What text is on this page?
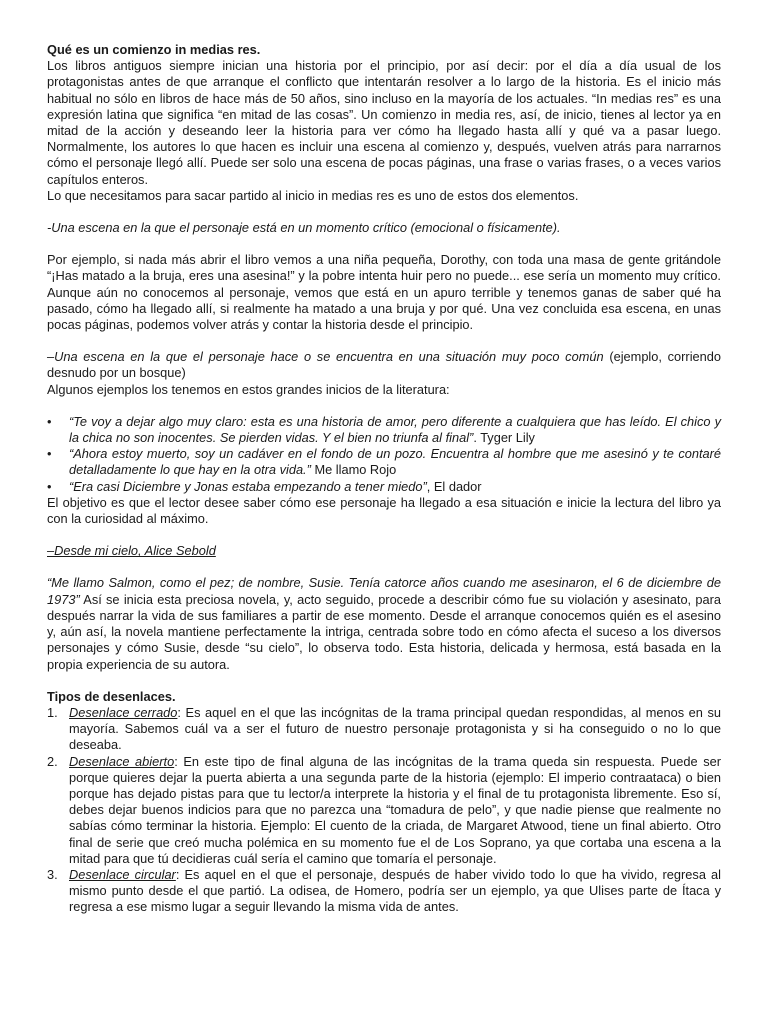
Qué es un comienzo in medias res.

Los libros antiguos siempre inician una historia por el principio, por así decir: por el día a día usual de los protagonistas antes de que arranque el conflicto que intentarán resolver a lo largo de la historia. Es el inicio más habitual no sólo en libros de hace más de 50 años, sino incluso en la mayoría de los actuales. “In medias res” es una expresión latina que significa “en mitad de las cosas”. Un comienzo in media res, así, de inicio, tienes al lector ya en mitad de la acción y deseando leer la historia para ver cómo ha llegado hasta allí y qué va a pasar luego. Normalmente, los autores lo que hacen es incluir una escena al comienzo y, después, vuelven atrás para narrarnos cómo el personaje llegó allí. Puede ser solo una escena de pocas páginas, una frase o varias frases, o a veces varios capítulos enteros.

Lo que necesitamos para sacar partido al inicio in medias res es uno de estos dos elementos.

-Una escena en la que el personaje está en un momento crítico (emocional o físicamente).

Por ejemplo, si nada más abrir el libro vemos a una niña pequeña, Dorothy, con toda una masa de gente gritándole “¡Has matado a la bruja, eres una asesina!” y la pobre intenta huir pero no puede... ese sería un momento muy crítico. Aunque aún no conocemos al personaje, vemos que está en un apuro terrible y tenemos ganas de saber qué ha pasado, cómo ha llegado allí, si realmente ha matado a una bruja y por qué. Una vez concluida esa escena, en unas pocas páginas, podemos volver atrás y contar la historia desde el principio.

–Una escena en la que el personaje hace o se encuentra en una situación muy poco común (ejemplo, corriendo desnudo por un bosque)

Algunos ejemplos los tenemos en estos grandes inicios de la literatura:

• “Te voy a dejar algo muy claro: esta es una historia de amor, pero diferente a cualquiera que has leído. El chico y la chica no son inocentes. Se pierden vidas. Y el bien no triunfa al final”. Tyger Lily
• “Ahora estoy muerto, soy un cadáver en el fondo de un pozo. Encuentra al hombre que me asesinó y te contaré detalladamente lo que hay en la otra vida.” Me llamo Rojo
• “Era casi Diciembre y Jonas estaba empezando a tener miedo”, El dador

El objetivo es que el lector desee saber cómo ese personaje ha llegado a esa situación e inicie la lectura del libro ya con la curiosidad al máximo.

–Desde mi cielo, Alice Sebold

“Me llamo Salmon, como el pez; de nombre, Susie. Tenía catorce años cuando me asesinaron, el 6 de diciembre de 1973” Así se inicia esta preciosa novela, y, acto seguido, procede a describir cómo fue su violación y asesinato, para después narrar la vida de sus familiares a partir de ese momento. Desde el arranque conocemos quién es el asesino y, aún así, la novela mantiene perfectamente la intriga, centrada sobre todo en cómo afecta el suceso a los diversos personajes y cómo Susie, desde “su cielo”, lo observa todo. Esta historia, delicada y hermosa, está basada en la propia experiencia de su autora.

Tipos de desenlaces.

1. Desenlace cerrado: Es aquel en el que las incógnitas de la trama principal quedan respondidas, al menos en su mayoría. Sabemos cuál va a ser el futuro de nuestro personaje protagonista y si ha conseguido o no lo que deseaba.
2. Desenlace abierto: En este tipo de final alguna de las incógnitas de la trama queda sin respuesta. Puede ser porque quieres dejar la puerta abierta a una segunda parte de la historia (ejemplo: El imperio contraataca) o bien porque has dejado pistas para que tu lector/a interprete la historia y el final de tu protagonista libremente. Eso sí, debes dejar buenos indicios para que no parezca una “tomadura de pelo”, y que nadie piense que realmente no sabías cómo terminar la historia. Ejemplo: El cuento de la criada, de Margaret Atwood, tiene un final abierto. Otro final de serie que creó mucha polémica en su momento fue el de Los Soprano, ya que cortaba una escena a la mitad para que tú decidieras cuál sería el camino que tomaría el personaje.
3. Desenlace circular: Es aquel en el que el personaje, después de haber vivido todo lo que ha vivido, regresa al mismo punto desde el que partió. La odisea, de Homero, podría ser un ejemplo, ya que Ulises parte de Ítaca y regresa a ese mismo lugar a seguir llevando la misma vida de antes.
